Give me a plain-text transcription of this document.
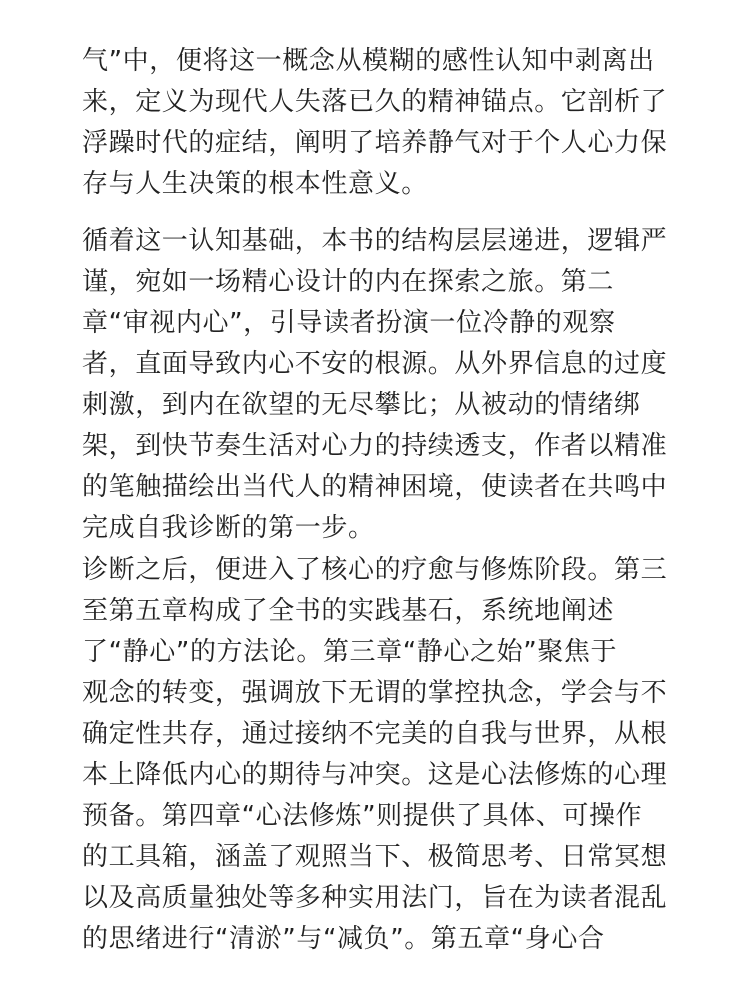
气”中，便将这一概念从模糊的感性认知中剥离出
来，定义为现代人失落已久的精神锚点。它剖析了
浮躁时代的症结，阐明了培养静气对于个人心力保
存与人生决策的根本性意义。
循着这一认知基础，本书的结构层层递进，逻辑严
谨，宛如一场精心设计的内在探索之旅。第二
章“审视内心”，引导读者扮演一位冷静的观察
者，直面导致内心不安的根源。从外界信息的过度
刺激，到内在欲望的无尽攀比；从被动的情绪绑
架，到快节奏生活对心力的持续透支，作者以精准
的笔触描绘出当代人的精神困境，使读者在共鸣中
完成自我诊断的第一步。
诊断之后，便进入了核心的疗愈与修炼阶段。第三
至第五章构成了全书的实践基石，系统地阐述
了“静心”的方法论。第三章“静心之始”聚焦于
观念的转变，强调放下无谓的掌控执念，学会与不
确定性共存，通过接纳不完美的自我与世界，从根
本上降低内心的期待与冲突。这是心法修炼的心理
预备。第四章“心法修炼”则提供了具体、可操作
的工具箱，涵盖了观照当下、极简思考、日常冥想
以及高质量独处等多种实用法门，旨在为读者混乱
的思绪进行“清淤”与“减负”。第五章“身心合
